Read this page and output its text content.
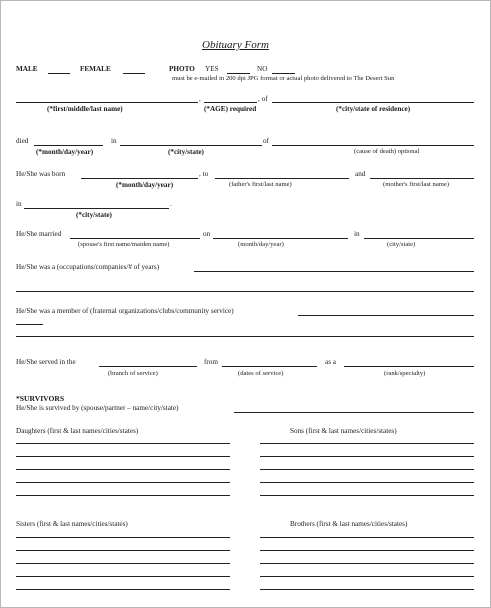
Obituary Form
MALE	FEMALE	PHOTO YES	NO
must be e-mailed in 200 dpi JPG format or actual photo delivered to The Desert Sun
,	, of
(*first/middle/last name)	(*AGE) required	(*city/state of residence)
died	in	of
(*month/day/year)	(*city/state)	(cause of death) optional
He/She was born	, to	and
(*month/day/year)	(father's first/last name)	(mother's first/last name)
in	.
(*city/state)
He/She married	on	in
(spouse's first name/maiden name)	(month/day/year)	(city/state)
He/She was a (occupations/companies/# of years)
He/She was a member of (fraternal organizations/clubs/community service)
He/She served in the	from	as a
(branch of service)	(dates of service)	(rank/specialty)
*SURVIVORS
He/She is survived by (spouse/partner – name/city/state)
Daughters (first & last names/cities/states)	Sons (first & last names/cities/states)
Sisters (first & last names/cities/states)	Brothers (first & last names/cities/states)
